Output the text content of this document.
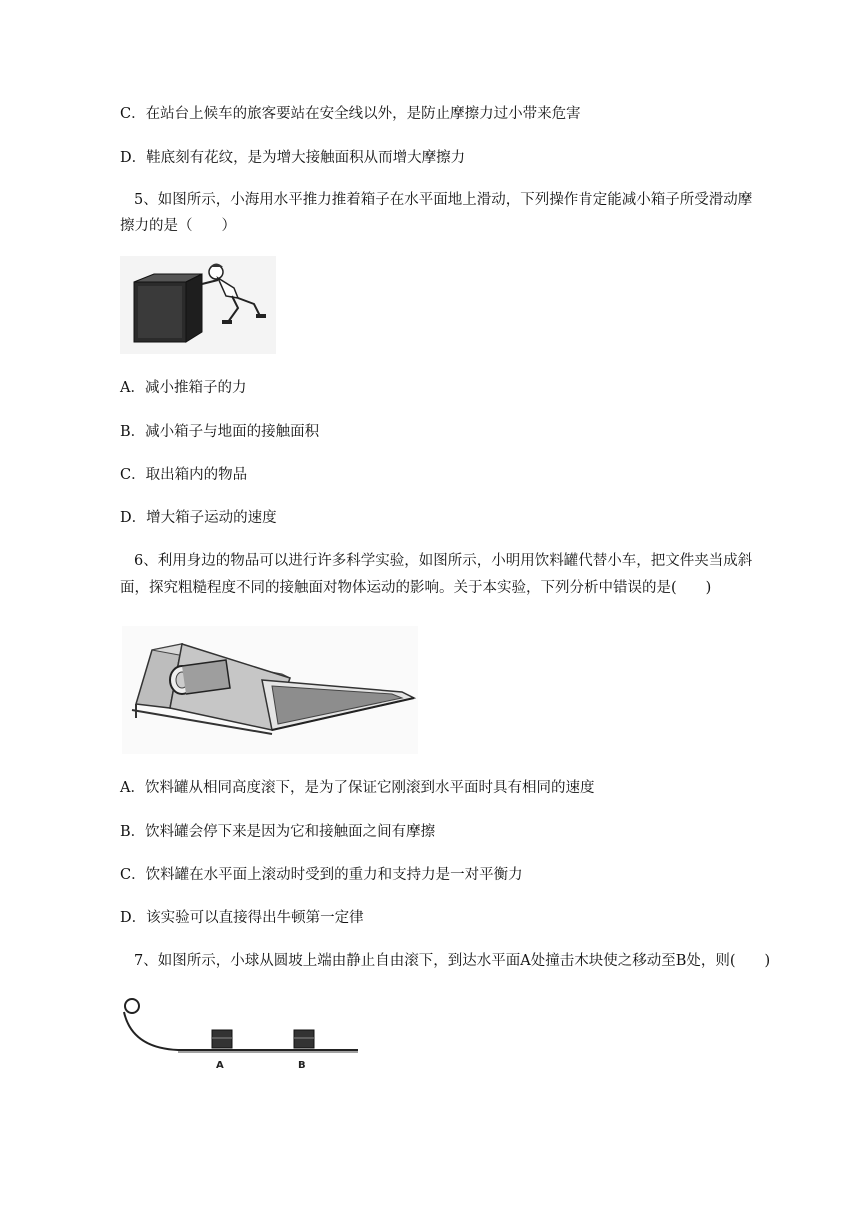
C．在站台上候车的旅客要站在安全线以外，是防止摩擦力过小带来危害
D．鞋底刻有花纹，是为增大接触面积从而增大摩擦力
5、如图所示，小海用水平推力推着箱子在水平面地上滑动，下列操作肯定能减小箱子所受滑动摩
擦力的是（　　）
A．减小推箱子的力
B．减小箱子与地面的接触面积
C．取出箱内的物品
D．增大箱子运动的速度
6、利用身边的物品可以进行许多科学实验，如图所示，小明用饮料罐代替小车，把文件夹当成斜
面，探究粗糙程度不同的接触面对物体运动的影响。关于本实验，下列分析中错误的是(　　)
A．饮料罐从相同高度滚下，是为了保证它刚滚到水平面时具有相同的速度
B．饮料罐会停下来是因为它和接触面之间有摩擦
C．饮料罐在水平面上滚动时受到的重力和支持力是一对平衡力
D．该实验可以直接得出牛顿第一定律
7、如图所示，小球从圆坡上端由静止自由滚下，到达水平面A处撞击木块使之移动至B处，则(　　)
A	B
